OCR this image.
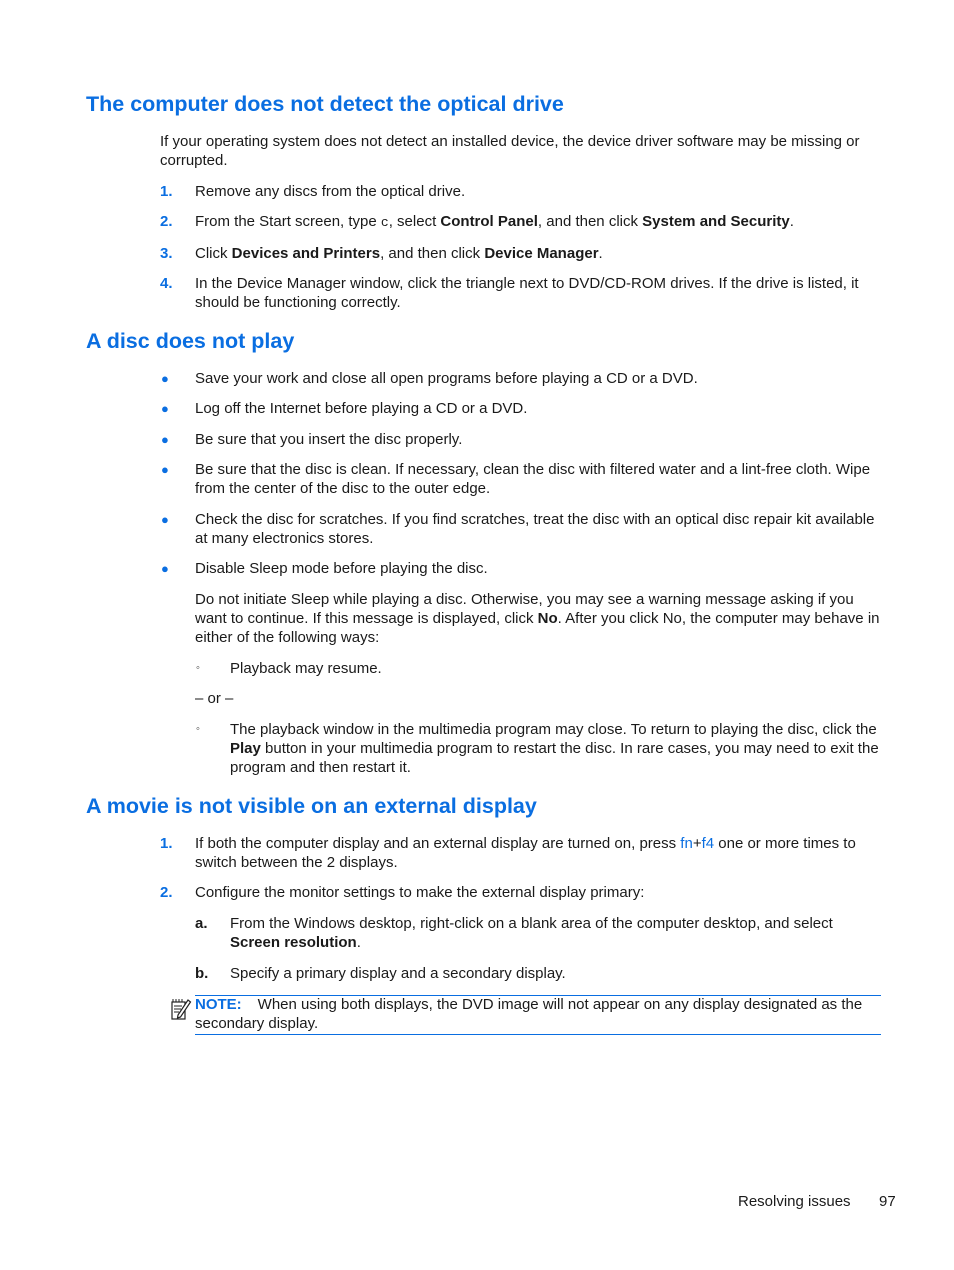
The computer does not detect the optical drive

If your operating system does not detect an installed device, the device driver software may be missing or corrupted.

1. Remove any discs from the optical drive.

2. From the Start screen, type c, select Control Panel, and then click System and Security.

3. Click Devices and Printers, and then click Device Manager.

4. In the Device Manager window, click the triangle next to DVD/CD-ROM drives. If the drive is listed, it should be functioning correctly.

A disc does not play
● Save your work and close all open programs before playing a CD or a DVD.

● Log off the Internet before playing a CD or a DVD.

● Be sure that you insert the disc properly.

● Be sure that the disc is clean. If necessary, clean the disc with filtered water and a lint-free cloth. Wipe from the center of the disc to the outer edge.

● Check the disc for scratches. If you find scratches, treat the disc with an optical disc repair kit available at many electronics stores.

● Disable Sleep mode before playing the disc.

Do not initiate Sleep while playing a disc. Otherwise, you may see a warning message asking if you want to continue. If this message is displayed, click No. After you click No, the computer may behave in either of the following ways:

◦ Playback may resume.

– or –

◦ The playback window in the multimedia program may close. To return to playing the disc, click the Play button in your multimedia program to restart the disc. In rare cases, you may need to exit the program and then restart it.

A movie is not visible on an external display
1. If both the computer display and an external display are turned on, press fn+f4 one or more times to switch between the 2 displays.

2. Configure the monitor settings to make the external display primary:

a. From the Windows desktop, right-click on a blank area of the computer desktop, and select Screen resolution.

b. Specify a primary display and a secondary display.

NOTE: When using both displays, the DVD image will not appear on any display designated as the secondary display.

Resolving issues 97
